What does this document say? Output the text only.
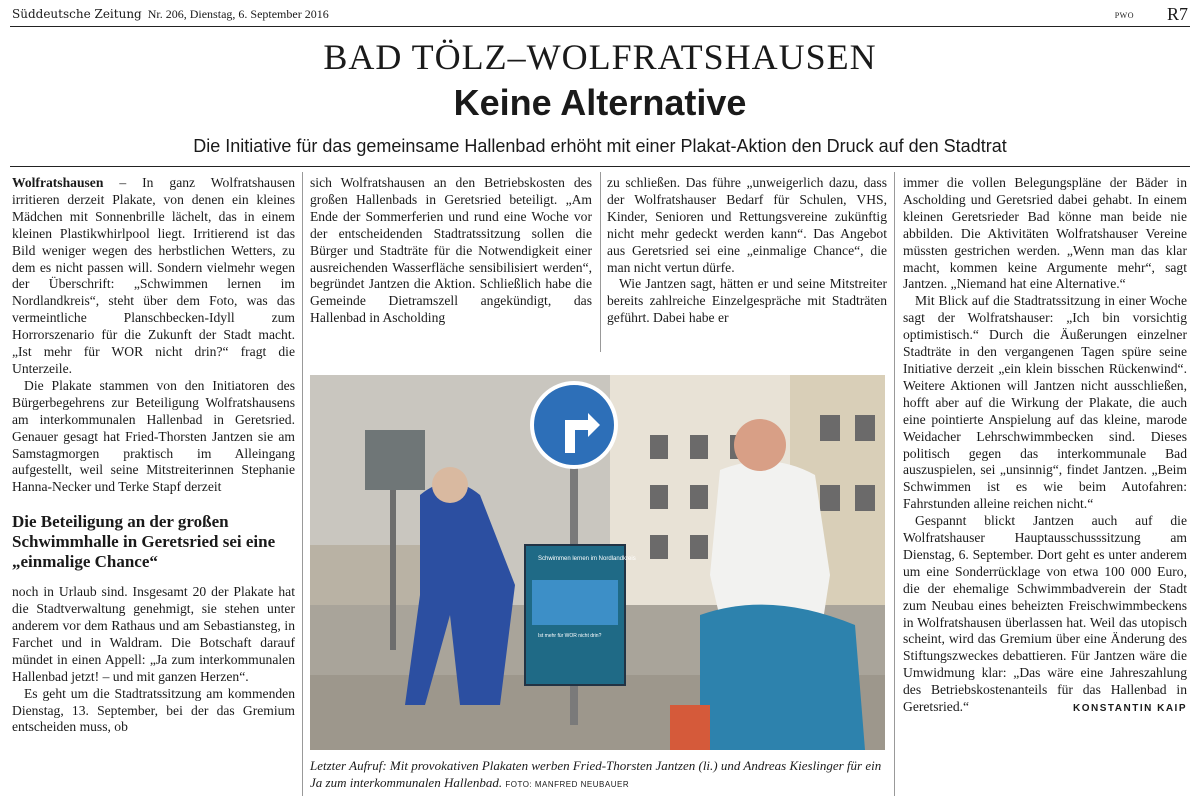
Süddeutsche Zeitung Nr. 206, Dienstag, 6. September 2016	PWO R7
BAD TÖLZ–WOLFRATSHAUSEN
Keine Alternative
Die Initiative für das gemeinsame Hallenbad erhöht mit einer Plakat-Aktion den Druck auf den Stadtrat

Wolfratshausen – In ganz Wolfratshausen irritieren derzeit Plakate, von denen ein kleines Mädchen mit Sonnenbrille lächelt, das in einem kleinen Plastikwhirlpool liegt. Irritierend ist das Bild weniger wegen des herbstlichen Wetters, zu dem es nicht passen will. Sondern vielmehr wegen der Überschrift: „Schwimmen lernen im Nordlandkreis“, steht über dem Foto, was das vermeintliche Planschbecken-Idyll zum Horrorszenario für die Zukunft der Stadt macht. „Ist mehr für WOR nicht drin?“ fragt die Unterzeile.

Die Plakate stammen von den Initiatoren des Bürgerbegehrens zur Beteiligung Wolfratshausens am interkommunalen Hallenbad in Geretsried. Genauer gesagt hat Fried-Thorsten Jantzen sie am Samstagmorgen praktisch im Alleingang aufgestellt, weil seine Mitstreiterinnen Stephanie Hanna-Necker und Terke Stapf derzeit

Die Beteiligung an der großen Schwimmhalle in Geretsried sei eine „einmalige Chance“

noch in Urlaub sind. Insgesamt 20 der Plakate hat die Stadtverwaltung genehmigt, sie stehen unter anderem vor dem Rathaus und am Sebastiansteg, in Farchet und in Waldram. Die Botschaft darauf mündet in einen Appell: „Ja zum interkommunalen Hallenbad jetzt! – und mit ganzen Herzen“.

Es geht um die Stadtratssitzung am kommenden Dienstag, 13. September, bei der das Gremium entscheiden muss, ob

sich Wolfratshausen an den Betriebskosten des großen Hallenbads in Geretsried beteiligt. „Am Ende der Sommerferien und rund eine Woche vor der entscheidenden Stadtratssitzung sollen die Bürger und Stadträte für die Notwendigkeit einer ausreichenden Wasserfläche sensibilisiert werden“, begründet Jantzen die Aktion. Schließlich habe die Gemeinde Dietramszell angekündigt, das Hallenbad in Ascholding

zu schließen. Das führe „unweigerlich dazu, dass der Wolfratshauser Bedarf für Schulen, VHS, Kinder, Senioren und Rettungsvereine zukünftig nicht mehr gedeckt werden kann“. Das Angebot aus Geretsried sei eine „einmalige Chance“, die man nicht vertun dürfe.

Wie Jantzen sagt, hätten er und seine Mitstreiter bereits zahlreiche Einzelgespräche mit Stadträten geführt. Dabei habe er

Schwimmen lernen im Nordlandkreis
Ist mehr für WOR nicht drin?
Letzter Aufruf: Mit provokativen Plakaten werben Fried-Thorsten Jantzen (li.) und Andreas Kieslinger für ein Ja zum interkommunalen Hallenbad. FOTO: MANFRED NEUBAUER

immer die vollen Belegungspläne der Bäder in Ascholding und Geretsried dabei gehabt. In einem kleinen Geretsrieder Bad könne man beide nie abbilden. Die Aktivitäten Wolfratshauser Vereine müssten gestrichen werden. „Wenn man das klar macht, kommen keine Argumente mehr“, sagt Jantzen. „Niemand hat eine Alternative.“

Mit Blick auf die Stadtratssitzung in einer Woche sagt der Wolfratshauser: „Ich bin vorsichtig optimistisch.“ Durch die Äußerungen einzelner Stadträte in den vergangenen Tagen spüre seine Initiative derzeit „ein klein bisschen Rückenwind“. Weitere Aktionen will Jantzen nicht ausschließen, hofft aber auf die Wirkung der Plakate, die auch eine pointierte Anspielung auf das kleine, marode Weidacher Lehrschwimmbecken sind. Dieses politisch gegen das interkommunale Bad auszuspielen, sei „unsinnig“, findet Jantzen. „Beim Schwimmen ist es wie beim Autofahren: Fahrstunden alleine reichen nicht.“

Gespannt blickt Jantzen auch auf die Wolfratshauser Hauptausschusssitzung am Dienstag, 6. September. Dort geht es unter anderem um eine Sonderrücklage von etwa 100 000 Euro, die der ehemalige Schwimmbadverein der Stadt zum Neubau eines beheizten Freischwimmbeckens in Wolfratshausen überlassen hat. Weil das utopisch scheint, wird das Gremium über eine Änderung des Stiftungszweckes debattieren. Für Jantzen wäre die Umwidmung klar: „Das wäre eine Jahreszahlung des Betriebskostenanteils für das Hallenbad in Geretsried.“	KONSTANTIN KAIP
